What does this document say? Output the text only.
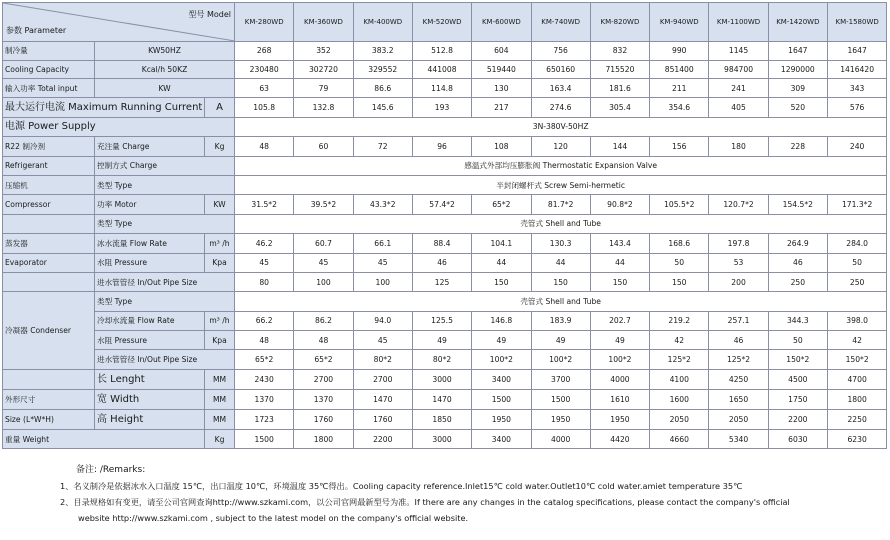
型号 Model
参数 Parameter			KM-280WD	KM-360WD	KM-400WD	KM-520WD	KM-600WD	KM-740WD	KM-820WD	KM-940WD	KM-1100WD	KM-1420WD	KM-1580WD
制冷量	KW50HZ		268	352	383.2	512.8	604	756	832	990	1145	1647	1647
Cooling Capacity	Kcal/h 50KZ		230480	302720	329552	441008	519440	650160	715520	851400	984700	1290000	1416420
输入功率 Total input	KW		63	79	86.6	114.8	130	163.4	181.6	211	241	309	343
最大运行电流 Maximum Running Current		A	105.8	132.8	145.6	193	217	274.6	305.4	354.6	405	520	576
电源 Power Supply			3N-380V-50HZ										
R22 制冷剂	充注量 Charge	Kg	48	60	72	96	108	120	144	156	180	228	240
Refrigerant	控制方式 Charge		感温式外部均压膨胀阀 Thermostatic Expansion Valve										
压缩机	类型 Type		半封闭螺杆式 Screw Semi-hermetic										
Compressor	功率 Motor	KW	31.5*2	39.5*2	43.3*2	57.4*2	65*2	81.7*2	90.8*2	105.5*2	120.7*2	154.5*2	171.3*2
	类型 Type		壳管式 Shell and Tube										
蒸发器	冰水流量 Flow Rate	m³ /h	46.2	60.7	66.1	88.4	104.1	130.3	143.4	168.6	197.8	264.9	284.0
Evaporator	水阻 Pressure	Kpa	45	45	45	46	44	44	44	50	53	46	50
	进水管管径 In/Out Pipe Size		80	100	100	125	150	150	150	150	200	250	250
冷凝器 Condenser	类型 Type		壳管式 Shell and Tube										
	冷却水流量 Flow Rate	m³ /h	66.2	86.2	94.0	125.5	146.8	183.9	202.7	219.2	257.1	344.3	398.0
	水阻 Pressure	Kpa	48	48	45	49	49	49	49	42	46	50	42
	进水管管径 In/Out Pipe Size		65*2	65*2	80*2	80*2	100*2	100*2	100*2	125*2	125*2	150*2	150*2
	长 Lenght	MM	2430	2700	2700	3000	3400	3700	4000	4100	4250	4500	4700
外形尺寸	宽 Width	MM	1370	1370	1470	1470	1500	1500	1610	1600	1650	1750	1800
Size (L*W*H)	高 Height	MM	1723	1760	1760	1850	1950	1950	1950	2050	2050	2200	2250
重量 Weight		Kg	1500	1800	2200	3000	3400	4000	4420	4660	5340	6030	6230

备注: /Remarks:

1、名义制冷是依据冰水入口温度 15℃，出口温度 10℃，环境温度 35℃得出。Cooling capacity reference.Inlet15℃ cold water.Outlet10℃ cold water.amiet temperature 35℃

2、目录规格如有变更，请至公司官网查询http://www.szkami.com，以公司官网最新型号为准。If there are any changes in the catalog specifications, please contact the company's official

website http://www.szkami.com , subject to the latest model on the company's official website.
